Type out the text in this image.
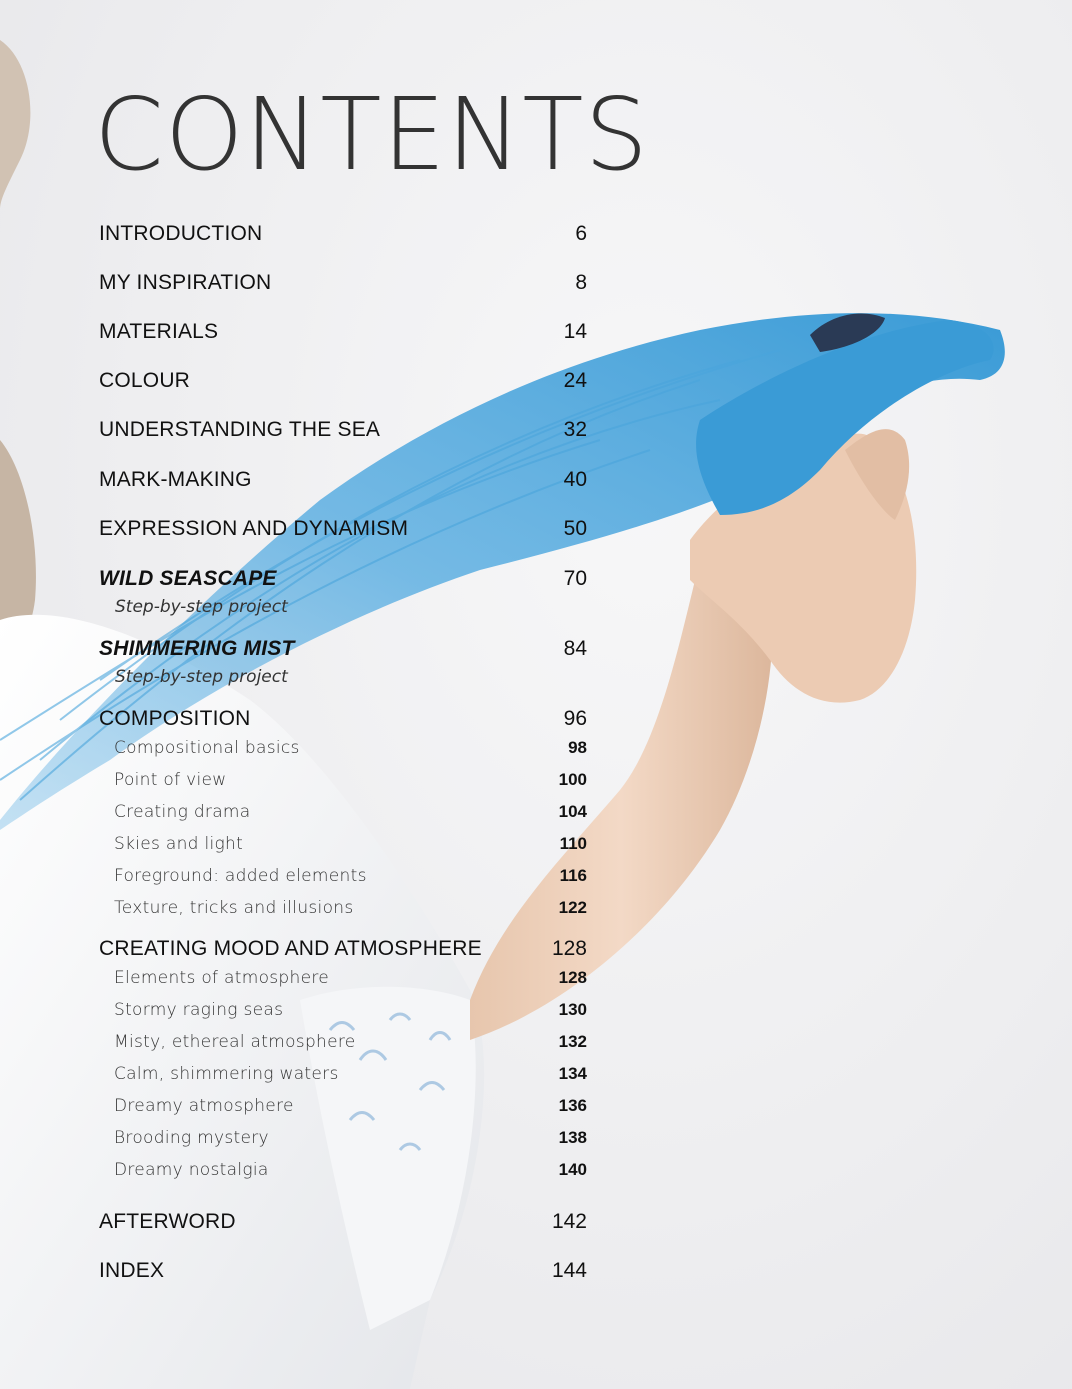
CONTENTS
INTRODUCTION	6
MY INSPIRATION	8
MATERIALS	14
COLOUR	24
UNDERSTANDING THE SEA	32
MARK-MAKING	40
EXPRESSION AND DYNAMISM	50
WILD SEASCAPE	70
Step-by-step project
SHIMMERING MIST	84
Step-by-step project
COMPOSITION	96
Compositional basics	98
Point of view	100
Creating drama	104
Skies and light	110
Foreground: added elements	116
Texture, tricks and illusions	122
CREATING MOOD AND ATMOSPHERE	128
Elements of atmosphere	128
Stormy raging seas	130
Misty, ethereal atmosphere	132
Calm, shimmering waters	134
Dreamy atmosphere	136
Brooding mystery	138
Dreamy nostalgia	140
AFTERWORD	142
INDEX	144
